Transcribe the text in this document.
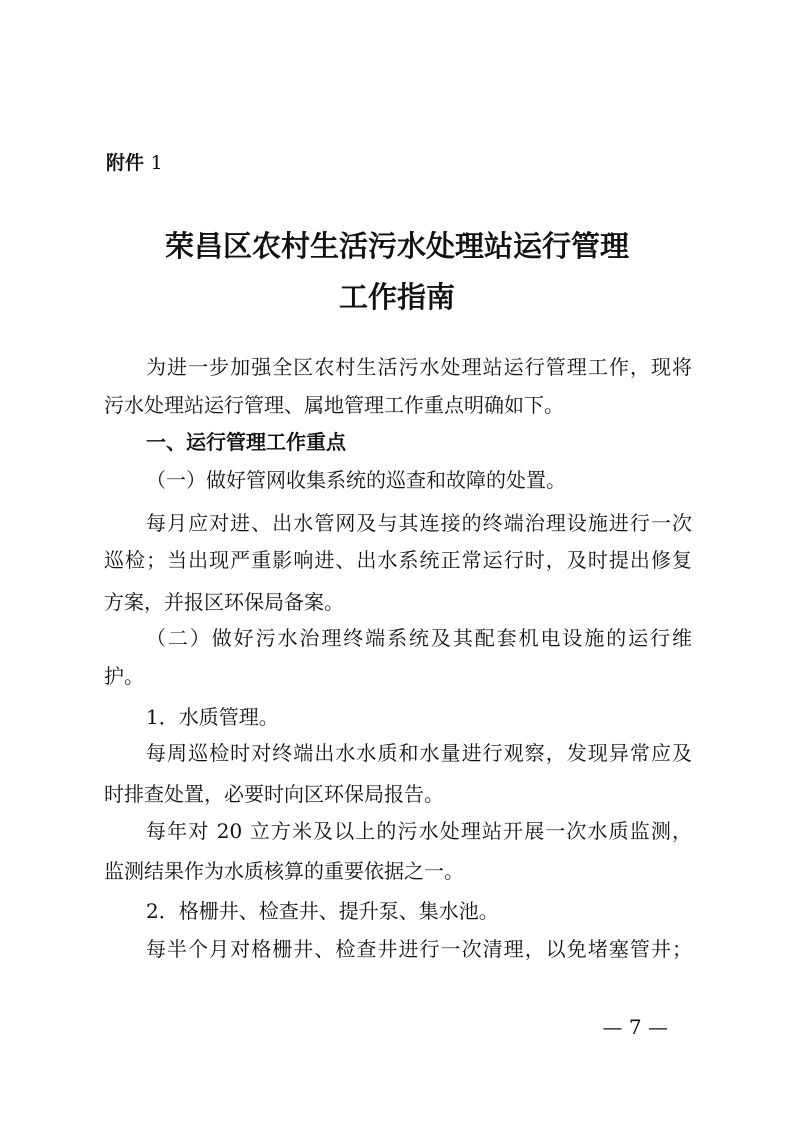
附件 1
荣昌区农村生活污水处理站运行管理
工作指南
为进一步加强全区农村生活污水处理站运行管理工作，现将
污水处理站运行管理、属地管理工作重点明确如下。
一、运行管理工作重点
（一）做好管网收集系统的巡查和故障的处置。
每月应对进、出水管网及与其连接的终端治理设施进行一次
巡检；当出现严重影响进、出水系统正常运行时，及时提出修复
方案，并报区环保局备案。
（二）做好污水治理终端系统及其配套机电设施的运行维
护。
1．水质管理。
每周巡检时对终端出水水质和水量进行观察，发现异常应及
时排查处置，必要时向区环保局报告。
每年对 20 立方米及以上的污水处理站开展一次水质监测，
监测结果作为水质核算的重要依据之一。
2．格栅井、检查井、提升泵、集水池。
每半个月对格栅井、检查井进行一次清理，以免堵塞管井；
— 7 —
